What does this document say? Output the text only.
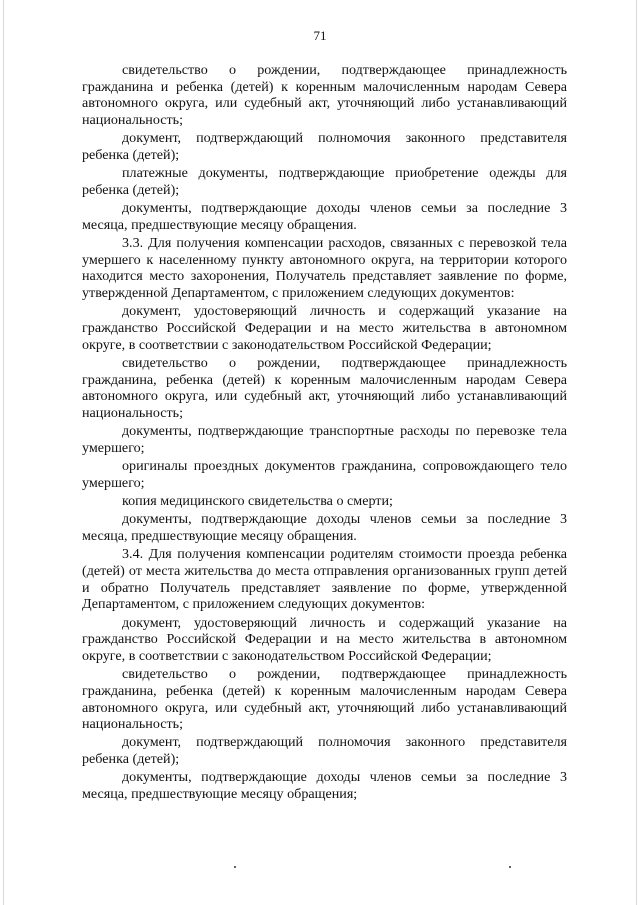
71

свидетельство о рождении, подтверждающее принадлежность гражданина и ребенка (детей) к коренным малочисленным народам Севера автономного округа, или судебный акт, уточняющий либо устанавливающий национальность;

документ, подтверждающий полномочия законного представителя ребенка (детей);

платежные документы, подтверждающие приобретение одежды для ребенка (детей);

документы, подтверждающие доходы членов семьи за последние 3 месяца, предшествующие месяцу обращения.

3.3. Для получения компенсации расходов, связанных с перевозкой тела умершего к населенному пункту автономного округа, на территории которого находится место захоронения, Получатель представляет заявление по форме, утвержденной Департаментом, с приложением следующих документов:

документ, удостоверяющий личность и содержащий указание на гражданство Российской Федерации и на место жительства в автономном округе, в соответствии с законодательством Российской Федерации;

свидетельство о рождении, подтверждающее принадлежность гражданина, ребенка (детей) к коренным малочисленным народам Севера автономного округа, или судебный акт, уточняющий либо устанавливающий национальность;

документы, подтверждающие транспортные расходы по перевозке тела умершего;

оригиналы проездных документов гражданина, сопровождающего тело умершего;

копия медицинского свидетельства о смерти;

документы, подтверждающие доходы членов семьи за последние 3 месяца, предшествующие месяцу обращения.

3.4. Для получения компенсации родителям стоимости проезда ребенка (детей) от места жительства до места отправления организованных групп детей и обратно Получатель представляет заявление по форме, утвержденной Департаментом, с приложением следующих документов:

документ, удостоверяющий личность и содержащий указание на гражданство Российской Федерации и на место жительства в автономном округе, в соответствии с законодательством Российской Федерации;

свидетельство о рождении, подтверждающее принадлежность гражданина, ребенка (детей) к коренным малочисленным народам Севера автономного округа, или судебный акт, уточняющий либо устанавливающий национальность;

документ, подтверждающий полномочия законного представителя ребенка (детей);

документы, подтверждающие доходы членов семьи за последние 3 месяца, предшествующие месяцу обращения;
